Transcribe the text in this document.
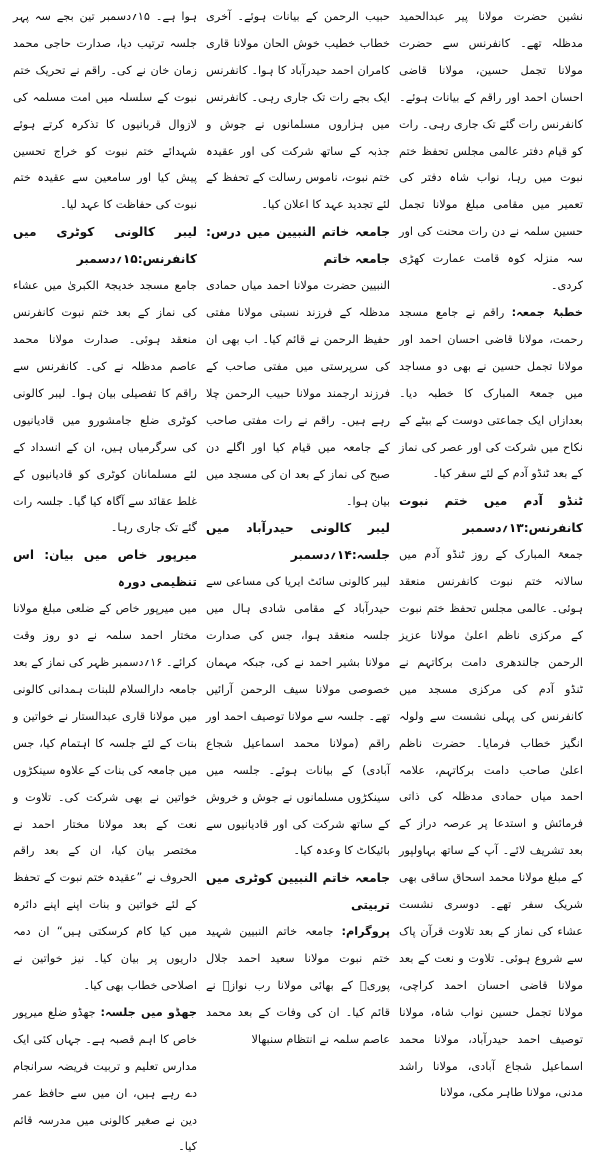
نشین حضرت مولانا پیر عبدالحمید مدظلہ تھے۔ کانفرنس سے حضرت مولانا تجمل حسین، مولانا قاضی احسان احمد اور راقم کے بیانات ہوئے۔ کانفرنس رات گئے تک جاری رہی۔ رات کو قیام دفتر عالمی مجلس تحفظ ختم نبوت میں رہا، نواب شاہ دفتر کی تعمیر میں مقامی مبلغ مولانا تجمل حسین سلمہ نے دن رات محنت کی اور سہ منزلہ کوہ قامت عمارت کھڑی کردی۔

خطبۂ جمعہ: راقم نے جامع مسجد رحمت، مولانا قاضی احسان احمد اور مولانا تجمل حسین نے بھی دو مساجد میں جمعۃ المبارک کا خطبہ دیا۔ بعدازاں ایک جماعتی دوست کے بیٹے کے نکاح میں شرکت کی اور عصر کی نماز کے بعد ٹنڈو آدم کے لئے سفر کیا۔

ٹنڈو آدم میں ختم نبوت کانفرنس:۱۳؍دسمبر

جمعۃ المبارک کے روز ٹنڈو آدم میں سالانہ ختم نبوت کانفرنس منعقد ہوئی۔ عالمی مجلس تحفظ ختم نبوت کے مرکزی ناظم اعلیٰ مولانا عزیز الرحمن جالندھری دامت برکاتہم نے ٹنڈو آدم کی مرکزی مسجد میں کانفرنس کی پہلی نشست سے ولولہ انگیز خطاب فرمایا۔ حضرت ناظم اعلیٰ صاحب دامت برکاتہم، علامہ احمد میاں حمادی مدظلہ کی ذاتی فرمائش و استدعا پر عرصہ دراز کے بعد تشریف لائے۔ آپ کے ساتھ بہاولپور کے مبلغ مولانا محمد اسحاق ساقی بھی شریک سفر تھے۔ دوسری نشست عشاء کی نماز کے بعد تلاوت قرآن پاک سے شروع ہوئی۔ تلاوت و نعت کے بعد مولانا قاضی احسان احمد کراچی، مولانا تجمل حسین نواب شاہ، مولانا توصیف احمد حیدرآباد، مولانا محمد اسماعیل شجاع آبادی، مولانا راشد مدنی، مولانا طاہر مکی، مولانا

حبیب الرحمن کے بیانات ہوئے۔ آخری خطاب خطیب خوش الحان مولانا قاری کامران احمد حیدرآباد کا ہوا۔ کانفرنس ایک بجے رات تک جاری رہی۔ کانفرنس میں ہزاروں مسلمانوں نے جوش و جذبہ کے ساتھ شرکت کی اور عقیدہ ختم نبوت، ناموس رسالت کے تحفظ کے لئے تجدید عہد کا اعلان کیا۔

جامعہ خاتم النبیین میں درس: جامعہ خاتم

النبیین حضرت مولانا احمد میاں حمادی مدظلہ کے فرزند نسبتی مولانا مفتی حفیظ الرحمن نے قائم کیا۔ اب بھی ان کی سرپرستی میں مفتی صاحب کے فرزند ارجمند مولانا حبیب الرحمن چلا رہے ہیں۔ راقم نے رات مفتی صاحب کے جامعہ میں قیام کیا اور اگلے دن صبح کی نماز کے بعد ان کی مسجد میں بیان ہوا۔

لیبر کالونی حیدرآباد میں جلسہ:۱۴؍دسمبر

لیبر کالونی سائٹ ایریا کی مساعی سے حیدرآباد کے مقامی شادی ہال میں جلسہ منعقد ہوا، جس کی صدارت مولانا بشیر احمد نے کی، جبکہ مہمان خصوصی مولانا سیف الرحمن آرائیں تھے۔ جلسہ سے مولانا توصیف احمد اور راقم (مولانا محمد اسماعیل شجاع آبادی) کے بیانات ہوئے۔ جلسہ میں سینکڑوں مسلمانوں نے جوش و خروش کے ساتھ شرکت کی اور قادیانیوں سے بائیکاٹ کا وعدہ کیا۔

جامعہ خاتم النبیین کوٹری میں تربیتی

پروگرام: جامعہ خاتم النبیین شہید ختم نبوت مولانا سعید احمد جلال پوریؒ کے بھائی مولانا رب نوازؒ نے قائم کیا۔ ان کی وفات کے بعد محمد عاصم سلمہ نے انتظام سنبھالا

ہوا ہے۔ ۱۵؍دسمبر تین بجے سہ پہر جلسہ ترتیب دیا، صدارت حاجی محمد زمان خان نے کی۔ راقم نے تحریک ختم نبوت کے سلسلہ میں امت مسلمہ کی لازوال قربانیوں کا تذکرہ کرتے ہوئے شہدائے ختم نبوت کو خراج تحسین پیش کیا اور سامعین سے عقیدہ ختم نبوت کی حفاظت کا عہد لیا۔

لیبر کالونی کوٹری میں کانفرنس:۱۵؍دسمبر

جامع مسجد خدیجۃ الکبریٰ میں عشاء کی نماز کے بعد ختم نبوت کانفرنس منعقد ہوئی۔ صدارت مولانا محمد عاصم مدظلہ نے کی۔ کانفرنس سے راقم کا تفصیلی بیان ہوا۔ لیبر کالونی کوٹری ضلع جامشورو میں قادیانیوں کی سرگرمیاں ہیں، ان کے انسداد کے لئے مسلمانان کوٹری کو قادیانیوں کے غلط عقائد سے آگاہ کیا گیا۔ جلسہ رات گئے تک جاری رہا۔

میرپور خاص میں بیان: اس تنظیمی دورہ

میں میرپور خاص کے ضلعی مبلغ مولانا مختار احمد سلمہ نے دو روز وقت کرائے۔ ۱۶؍دسمبر ظہر کی نماز کے بعد جامعہ دارالسلام للبنات ہمدانی کالونی میں مولانا قاری عبدالستار نے خواتین و بنات کے لئے جلسہ کا اہتمام کیا، جس میں جامعہ کی بنات کے علاوہ سینکڑوں خواتین نے بھی شرکت کی۔ تلاوت و نعت کے بعد مولانا مختار احمد نے مختصر بیان کیا، ان کے بعد راقم الحروف نے ”عقیدہ ختم نبوت کے تحفظ کے لئے خواتین و بنات اپنے اپنے دائرہ میں کیا کام کرسکتی ہیں“ ان دمہ داریوں پر بیان کیا۔ نیز خواتین نے اصلاحی خطاب بھی کیا۔

جھڈو میں جلسہ: جھڈو ضلع میرپور خاص کا اہم قصبہ ہے۔ جہاں کئی ایک مدارس تعلیم و تربیت فریضہ سرانجام دے رہے ہیں، ان میں سے حافظ عمر دین نے صغیر کالونی میں مدرسہ قائم کیا۔
